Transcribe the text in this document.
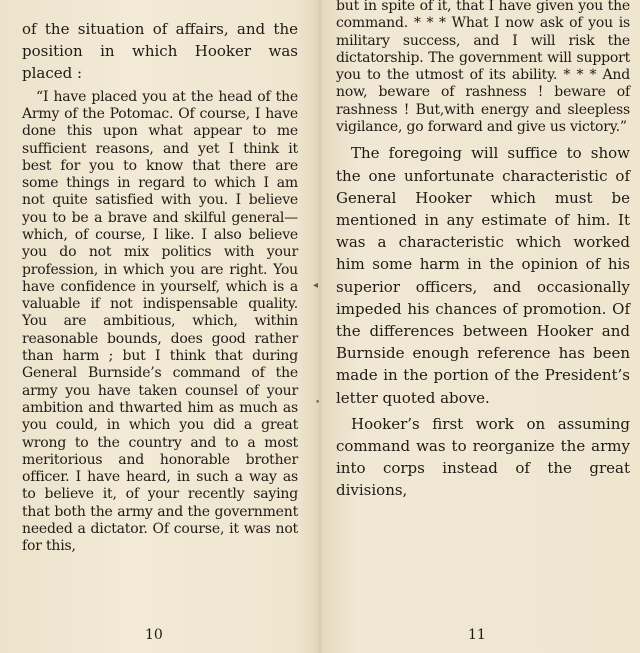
of the situation of affairs, and the position in which Hooker was placed :

“I have placed you at the head of the Army of the Potomac. Of course, I have done this upon what appear to me sufficient reasons, and yet I think it best for you to know that there are some things in regard to which I am not quite satisfied with you. I believe you to be a brave and skilful general—which, of course, I like. I also believe you do not mix politics with your profession, in which you are right. You have confidence in yourself, which is a valuable if not indispensable quality. You are ambitious, which, within reasonable bounds, does good rather than harm ; but I think that during General Burnside’s command of the army you have taken counsel of your ambition and thwarted him as much as you could, in which you did a great wrong to the country and to a most meritorious and honorable brother officer. I have heard, in such a way as to believe it, of your recently saying that both the army and the government needed a dictator. Of course, it was not for this,

10

but in spite of it, that I have given you the command. * * * What I now ask of you is military success, and I will risk the dictatorship. The government will support you to the utmost of its ability. * * * And now, beware of rashness ! beware of rashness ! But,with energy and sleepless vigilance, go forward and give us victory.”

The foregoing will suffice to show the one unfortunate characteristic of General Hooker which must be mentioned in any estimate of him. It was a characteristic which worked him some harm in the opinion of his superior officers, and occasionally impeded his chances of promotion. Of the differences between Hooker and Burnside enough reference has been made in the portion of the President’s letter quoted above.

Hooker’s first work on assuming command was to reorganize the army into corps instead of the great divisions,

11
◂
•
